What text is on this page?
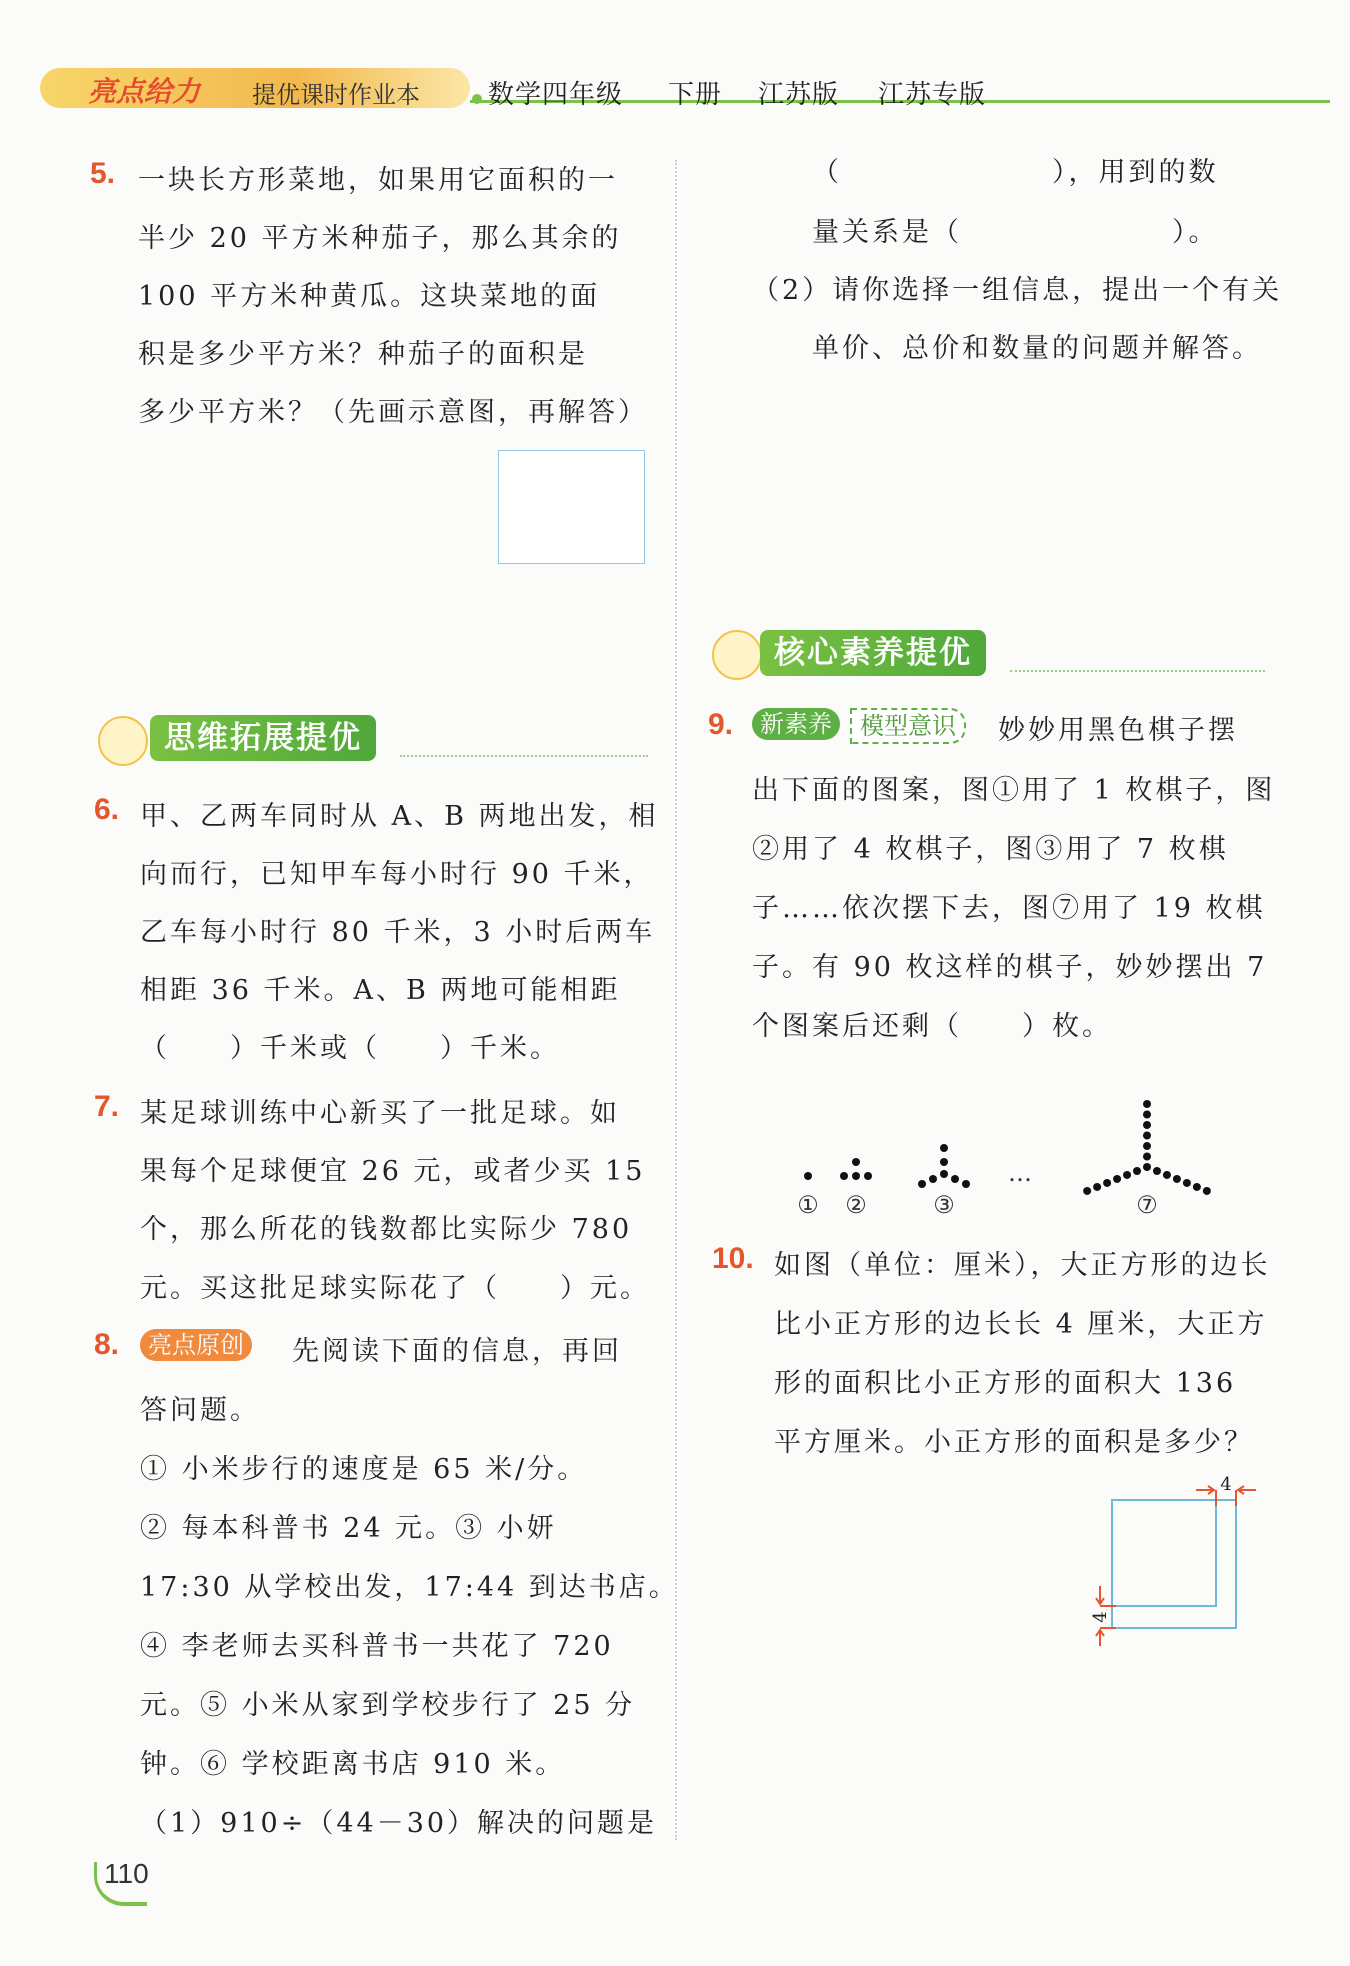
亮点给力 提优课时作业本	数学四年级 下册 江苏版 江苏专版
5. 一块长方形菜地，如果用它面积的一
半少 20 平方米种茄子，那么其余的
100 平方米种黄瓜。这块菜地的面
积是多少平方米？种茄子的面积是
多少平方米？（先画示意图，再解答）
思维拓展提优
6. 甲、乙两车同时从 A、B 两地出发，相
向而行，已知甲车每小时行 90 千米，
乙车每小时行 80 千米，3 小时后两车
相距 36 千米。A、B 两地可能相距
（　　）千米或（　　）千米。
7. 某足球训练中心新买了一批足球。如
果每个足球便宜 26 元，或者少买 15
个，那么所花的钱数都比实际少 780
元。买这批足球实际花了（　　）元。
8.	亮点原创 先阅读下面的信息，再回
答问题。
① 小米步行的速度是 65 米/分。
② 每本科普书 24 元。③ 小妍
17:30 从学校出发，17:44 到达书店。
④ 李老师去买科普书一共花了 720
元。⑤ 小米从家到学校步行了 25 分
钟。⑥ 学校距离书店 910 米。
（1）910÷（44－30）解决的问题是
（　　　　　　　），用到的数
量关系是（　　　　　　　）。
（2）请你选择一组信息，提出一个有关
单价、总价和数量的问题并解答。
核心素养提优
9.	新素养	模型意识	妙妙用黑色棋子摆
出下面的图案，图①用了 1 枚棋子，图
②用了 4 枚棋子，图③用了 7 枚棋
子……依次摆下去，图⑦用了 19 枚棋
子。有 90 枚这样的棋子，妙妙摆出 7
个图案后还剩（　　）枚。
① ②	③
…
⑦
10. 如图（单位：厘米），大正方形的边长
比小正方形的边长长 4 厘米，大正方
形的面积比小正方形的面积大 136
平方厘米。小正方形的面积是多少？
4
4
110
